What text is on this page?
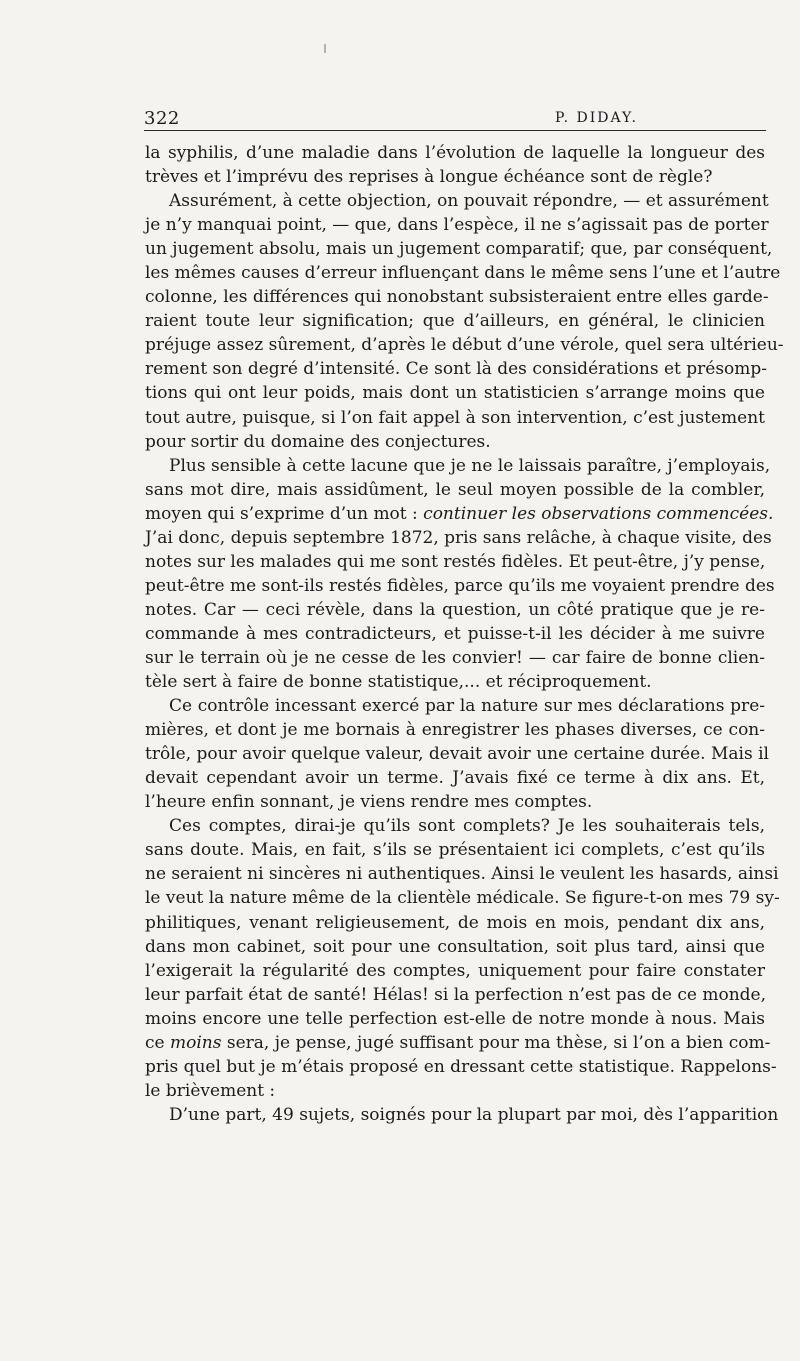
322	P. DIDAY.
la syphilis, d’une maladie dans l’évolution de laquelle la longueur des
trèves et l’imprévu des reprises à longue échéance sont de règle?
Assurément, à cette objection, on pouvait répondre, — et assurément
je n’y manquai point, — que, dans l’espèce, il ne s’agissait pas de porter
un jugement absolu, mais un jugement comparatif; que, par conséquent,
les mêmes causes d’erreur influençant dans le même sens l’une et l’autre
colonne, les différences qui nonobstant subsisteraient entre elles garde-
raient toute leur signification; que d’ailleurs, en général, le clinicien
préjuge assez sûrement, d’après le début d’une vérole, quel sera ultérieu-
rement son degré d’intensité. Ce sont là des considérations et présomp-
tions qui ont leur poids, mais dont un statisticien s’arrange moins que
tout autre, puisque, si l’on fait appel à son intervention, c’est justement
pour sortir du domaine des conjectures.
Plus sensible à cette lacune que je ne le laissais paraître, j’employais,
sans mot dire, mais assidûment, le seul moyen possible de la combler,
moyen qui s’exprime d’un mot : continuer les observations commencées.
J’ai donc, depuis septembre 1872, pris sans relâche, à chaque visite, des
notes sur les malades qui me sont restés fidèles. Et peut-être, j’y pense,
peut-être me sont-ils restés fidèles, parce qu’ils me voyaient prendre des
notes. Car — ceci révèle, dans la question, un côté pratique que je re-
commande à mes contradicteurs, et puisse-t-il les décider à me suivre
sur le terrain où je ne cesse de les convier! — car faire de bonne clien-
tèle sert à faire de bonne statistique,... et réciproquement.
Ce contrôle incessant exercé par la nature sur mes déclarations pre-
mières, et dont je me bornais à enregistrer les phases diverses, ce con-
trôle, pour avoir quelque valeur, devait avoir une certaine durée. Mais il
devait cependant avoir un terme. J’avais fixé ce terme à dix ans. Et,
l’heure enfin sonnant, je viens rendre mes comptes.
Ces comptes, dirai-je qu’ils sont complets? Je les souhaiterais tels,
sans doute. Mais, en fait, s’ils se présentaient ici complets, c’est qu’ils
ne seraient ni sincères ni authentiques. Ainsi le veulent les hasards, ainsi
le veut la nature même de la clientèle médicale. Se figure-t-on mes 79 sy-
philitiques, venant religieusement, de mois en mois, pendant dix ans,
dans mon cabinet, soit pour une consultation, soit plus tard, ainsi que
l’exigerait la régularité des comptes, uniquement pour faire constater
leur parfait état de santé! Hélas! si la perfection n’est pas de ce monde,
moins encore une telle perfection est-elle de notre monde à nous. Mais
ce moins sera, je pense, jugé suffisant pour ma thèse, si l’on a bien com-
pris quel but je m’étais proposé en dressant cette statistique. Rappelons-
le brièvement :
D’une part, 49 sujets, soignés pour la plupart par moi, dès l’apparition
